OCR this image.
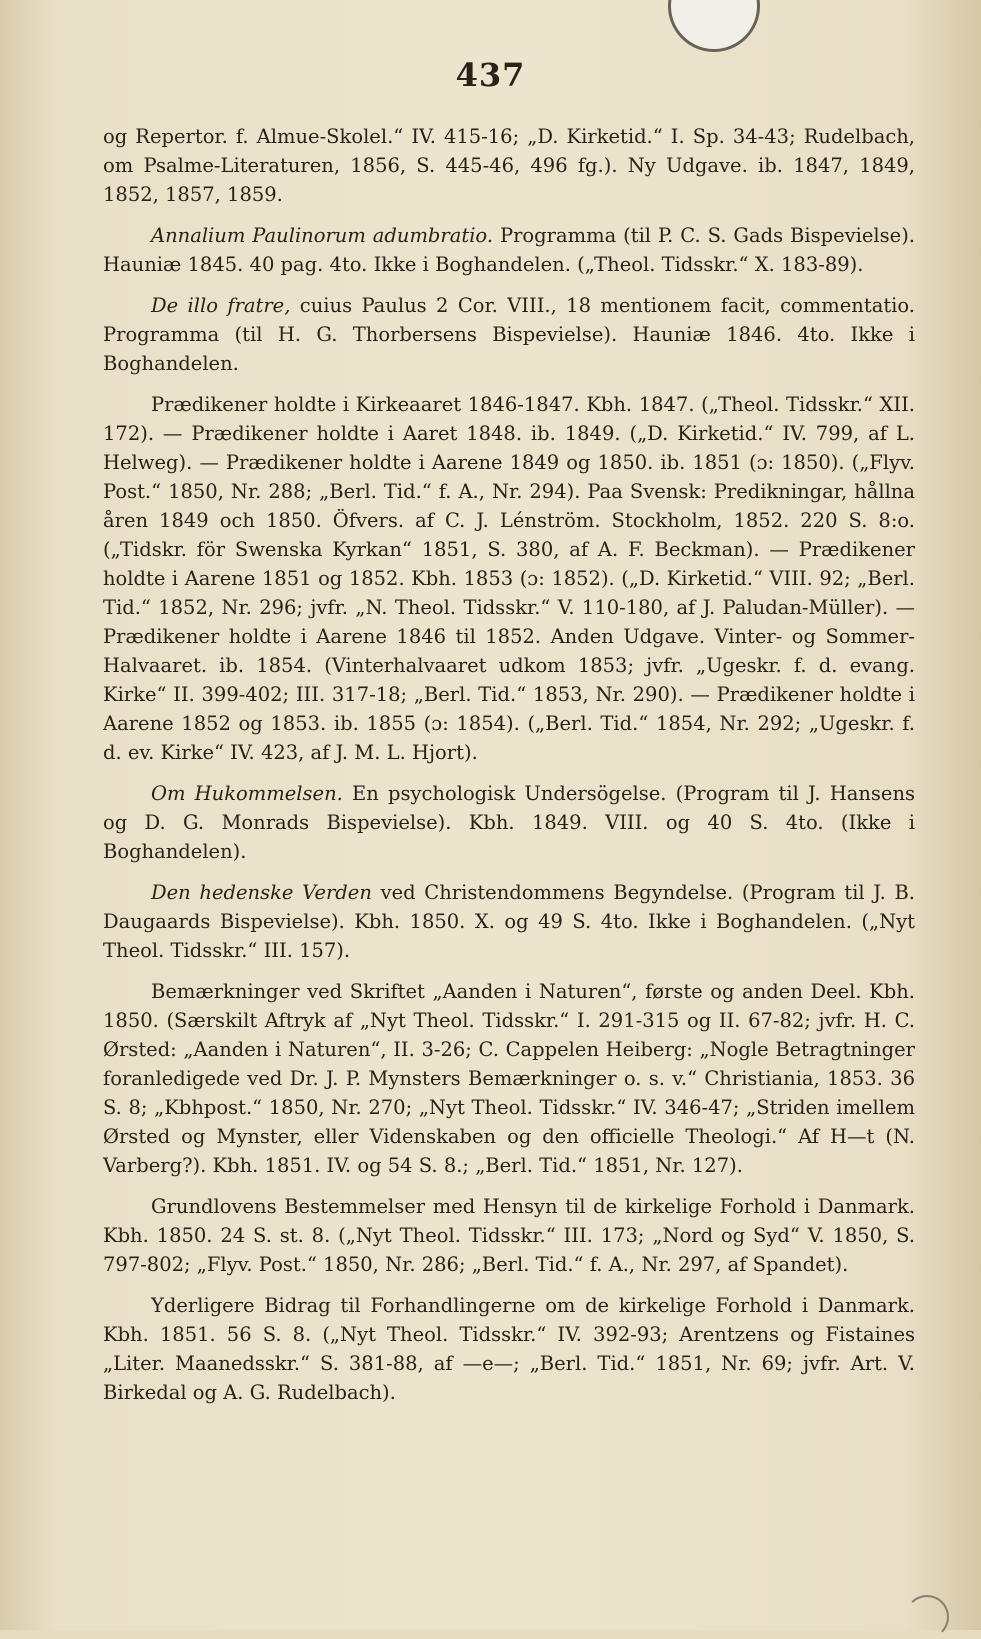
437

og Repertor. f. Almue-Skolel.“ IV. 415-16; „D. Kirketid.“ I. Sp. 34-43; Rudelbach, om Psalme-Literaturen, 1856, S. 445-46, 496 fg.). Ny Udgave. ib. 1847, 1849, 1852, 1857, 1859.

Annalium Paulinorum adumbratio. Programma (til P. C. S. Gads Bispevielse). Hauniæ 1845. 40 pag. 4to. Ikke i Boghandelen. („Theol. Tidsskr.“ X. 183-89).

De illo fratre, cuius Paulus 2 Cor. VIII., 18 mentionem facit, commentatio. Programma (til H. G. Thorbersens Bispevielse). Hauniæ 1846. 4to. Ikke i Boghandelen.

Prædikener holdte i Kirkeaaret 1846-1847. Kbh. 1847. („Theol. Tidsskr.“ XII. 172). — Prædikener holdte i Aaret 1848. ib. 1849. („D. Kirketid.“ IV. 799, af L. Helweg). — Prædikener holdte i Aarene 1849 og 1850. ib. 1851 (ɔ: 1850). („Flyv. Post.“ 1850, Nr. 288; „Berl. Tid.“ f. A., Nr. 294). Paa Svensk: Predikningar, hållna åren 1849 och 1850. Öfvers. af C. J. Lénström. Stockholm, 1852. 220 S. 8:o. („Tidskr. för Swenska Kyrkan“ 1851, S. 380, af A. F. Beckman). — Prædikener holdte i Aarene 1851 og 1852. Kbh. 1853 (ɔ: 1852). („D. Kirketid.“ VIII. 92; „Berl. Tid.“ 1852, Nr. 296; jvfr. „N. Theol. Tidsskr.“ V. 110-180, af J. Paludan-Müller). — Prædikener holdte i Aarene 1846 til 1852. Anden Udgave. Vinter- og Sommer-Halvaaret. ib. 1854. (Vinterhalvaaret udkom 1853; jvfr. „Ugeskr. f. d. evang. Kirke“ II. 399-402; III. 317-18; „Berl. Tid.“ 1853, Nr. 290). — Prædikener holdte i Aarene 1852 og 1853. ib. 1855 (ɔ: 1854). („Berl. Tid.“ 1854, Nr. 292; „Ugeskr. f. d. ev. Kirke“ IV. 423, af J. M. L. Hjort).

Om Hukommelsen. En psychologisk Undersögelse. (Program til J. Hansens og D. G. Monrads Bispevielse). Kbh. 1849. VIII. og 40 S. 4to. (Ikke i Boghandelen).

Den hedenske Verden ved Christendommens Begyndelse. (Program til J. B. Daugaards Bispevielse). Kbh. 1850. X. og 49 S. 4to. Ikke i Boghandelen. („Nyt Theol. Tidsskr.“ III. 157).

Bemærkninger ved Skriftet „Aanden i Naturen“, første og anden Deel. Kbh. 1850. (Særskilt Aftryk af „Nyt Theol. Tidsskr.“ I. 291-315 og II. 67-82; jvfr. H. C. Ørsted: „Aanden i Naturen“, II. 3-26; C. Cappelen Heiberg: „Nogle Betragtninger foranledigede ved Dr. J. P. Mynsters Bemærkninger o. s. v.“ Christiania, 1853. 36 S. 8; „Kbhpost.“ 1850, Nr. 270; „Nyt Theol. Tidsskr.“ IV. 346-47; „Striden imellem Ørsted og Mynster, eller Videnskaben og den officielle Theologi.“ Af H—t (N. Varberg?). Kbh. 1851. IV. og 54 S. 8.; „Berl. Tid.“ 1851, Nr. 127).

Grundlovens Bestemmelser med Hensyn til de kirkelige Forhold i Danmark. Kbh. 1850. 24 S. st. 8. („Nyt Theol. Tidsskr.“ III. 173; „Nord og Syd“ V. 1850, S. 797-802; „Flyv. Post.“ 1850, Nr. 286; „Berl. Tid.“ f. A., Nr. 297, af Spandet).

Yderligere Bidrag til Forhandlingerne om de kirkelige Forhold i Danmark. Kbh. 1851. 56 S. 8. („Nyt Theol. Tidsskr.“ IV. 392-93; Arentzens og Fistaines „Liter. Maanedsskr.“ S. 381-88, af —e—; „Berl. Tid.“ 1851, Nr. 69; jvfr. Art. V. Birkedal og A. G. Rudelbach).
